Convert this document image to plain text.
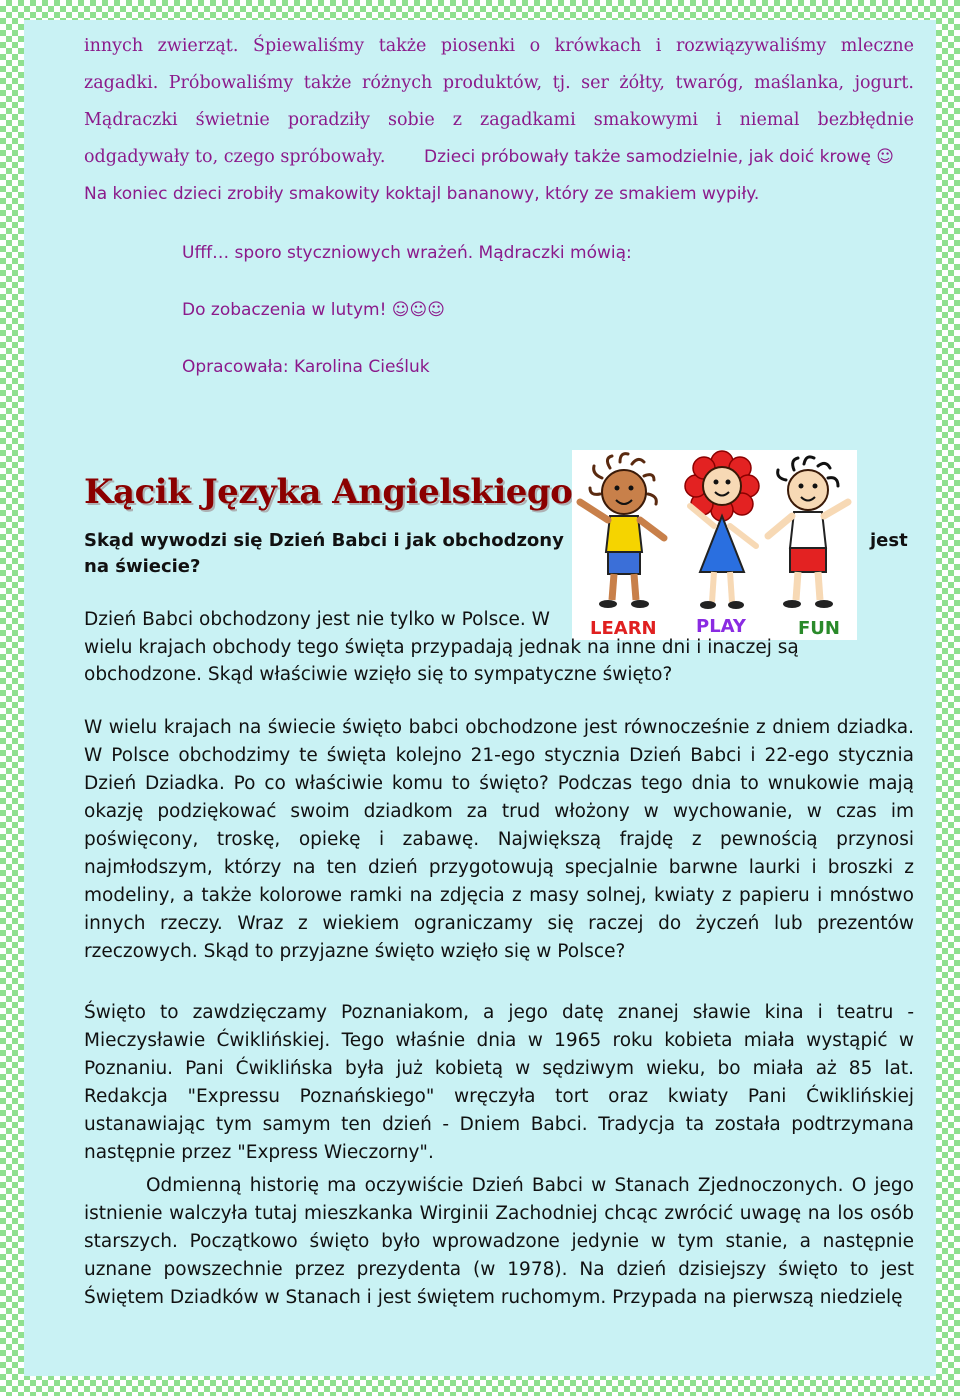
innych zwierząt. Śpiewaliśmy także piosenki o krówkach i rozwiązywaliśmy mleczne

zagadki. Próbowaliśmy także różnych produktów, tj. ser żółty, twaróg, maślanka, jogurt.

Mądraczki świetnie poradziły sobie z zagadkami smakowymi i niemal bezbłędnie

odgadywały to, czego spróbowały. Dzieci próbowały także samodzielnie, jak doić krowę ☺

Na koniec dzieci zrobiły smakowity koktajl bananowy, który ze smakiem wypiły.

Ufff… sporo styczniowych wrażeń. Mądraczki mówią:

Do zobaczenia w lutym! ☺☺☺

Opracowała: Karolina Cieśluk

Kącik Języka Angielskiego

Skąd wywodzi się Dzień Babci i jak obchodzony	jest

na świecie?

LEARN PLAY	FUN

Dzień Babci obchodzony jest nie tylko w Polsce. W

wielu krajach obchody tego święta przypadają jednak na inne dni i inaczej są obchodzone. Skąd właściwie wzięło się to sympatyczne święto?

W wielu krajach na świecie święto babci obchodzone jest równocześnie z dniem dziadka. W Polsce obchodzimy te święta kolejno 21-ego stycznia Dzień Babci i 22-ego stycznia Dzień Dziadka. Po co właściwie komu to święto? Podczas tego dnia to wnukowie mają okazję podziękować swoim dziadkom za trud włożony w wychowanie, w czas im poświęcony, troskę, opiekę i zabawę. Największą frajdę z pewnością przynosi najmłodszym, którzy na ten dzień przygotowują specjalnie barwne laurki i broszki z modeliny, a także kolorowe ramki na zdjęcia z masy solnej, kwiaty z papieru i mnóstwo innych rzeczy. Wraz z wiekiem ograniczamy się raczej do życzeń lub prezentów rzeczowych. Skąd to przyjazne święto wzięło się w Polsce?

Święto to zawdzięczamy Poznaniakom, a jego datę znanej sławie kina i teatru - Mieczysławie Ćwiklińskiej. Tego właśnie dnia w 1965 roku kobieta miała wystąpić w Poznaniu. Pani Ćwiklińska była już kobietą w sędziwym wieku, bo miała aż 85 lat. Redakcja "Expressu Poznańskiego" wręczyła tort oraz kwiaty Pani Ćwiklińskiej ustanawiając tym samym ten dzień - Dniem Babci. Tradycja ta została podtrzymana następnie przez "Express Wieczorny".

Odmienną historię ma oczywiście Dzień Babci w Stanach Zjednoczonych. O jego istnienie walczyła tutaj mieszkanka Wirginii Zachodniej chcąc zwrócić uwagę na los osób starszych. Początkowo święto było wprowadzone jedynie w tym stanie, a następnie uznane powszechnie przez prezydenta (w 1978). Na dzień dzisiejszy święto to jest Świętem Dziadków w Stanach i jest świętem ruchomym. Przypada na pierwszą niedzielę
